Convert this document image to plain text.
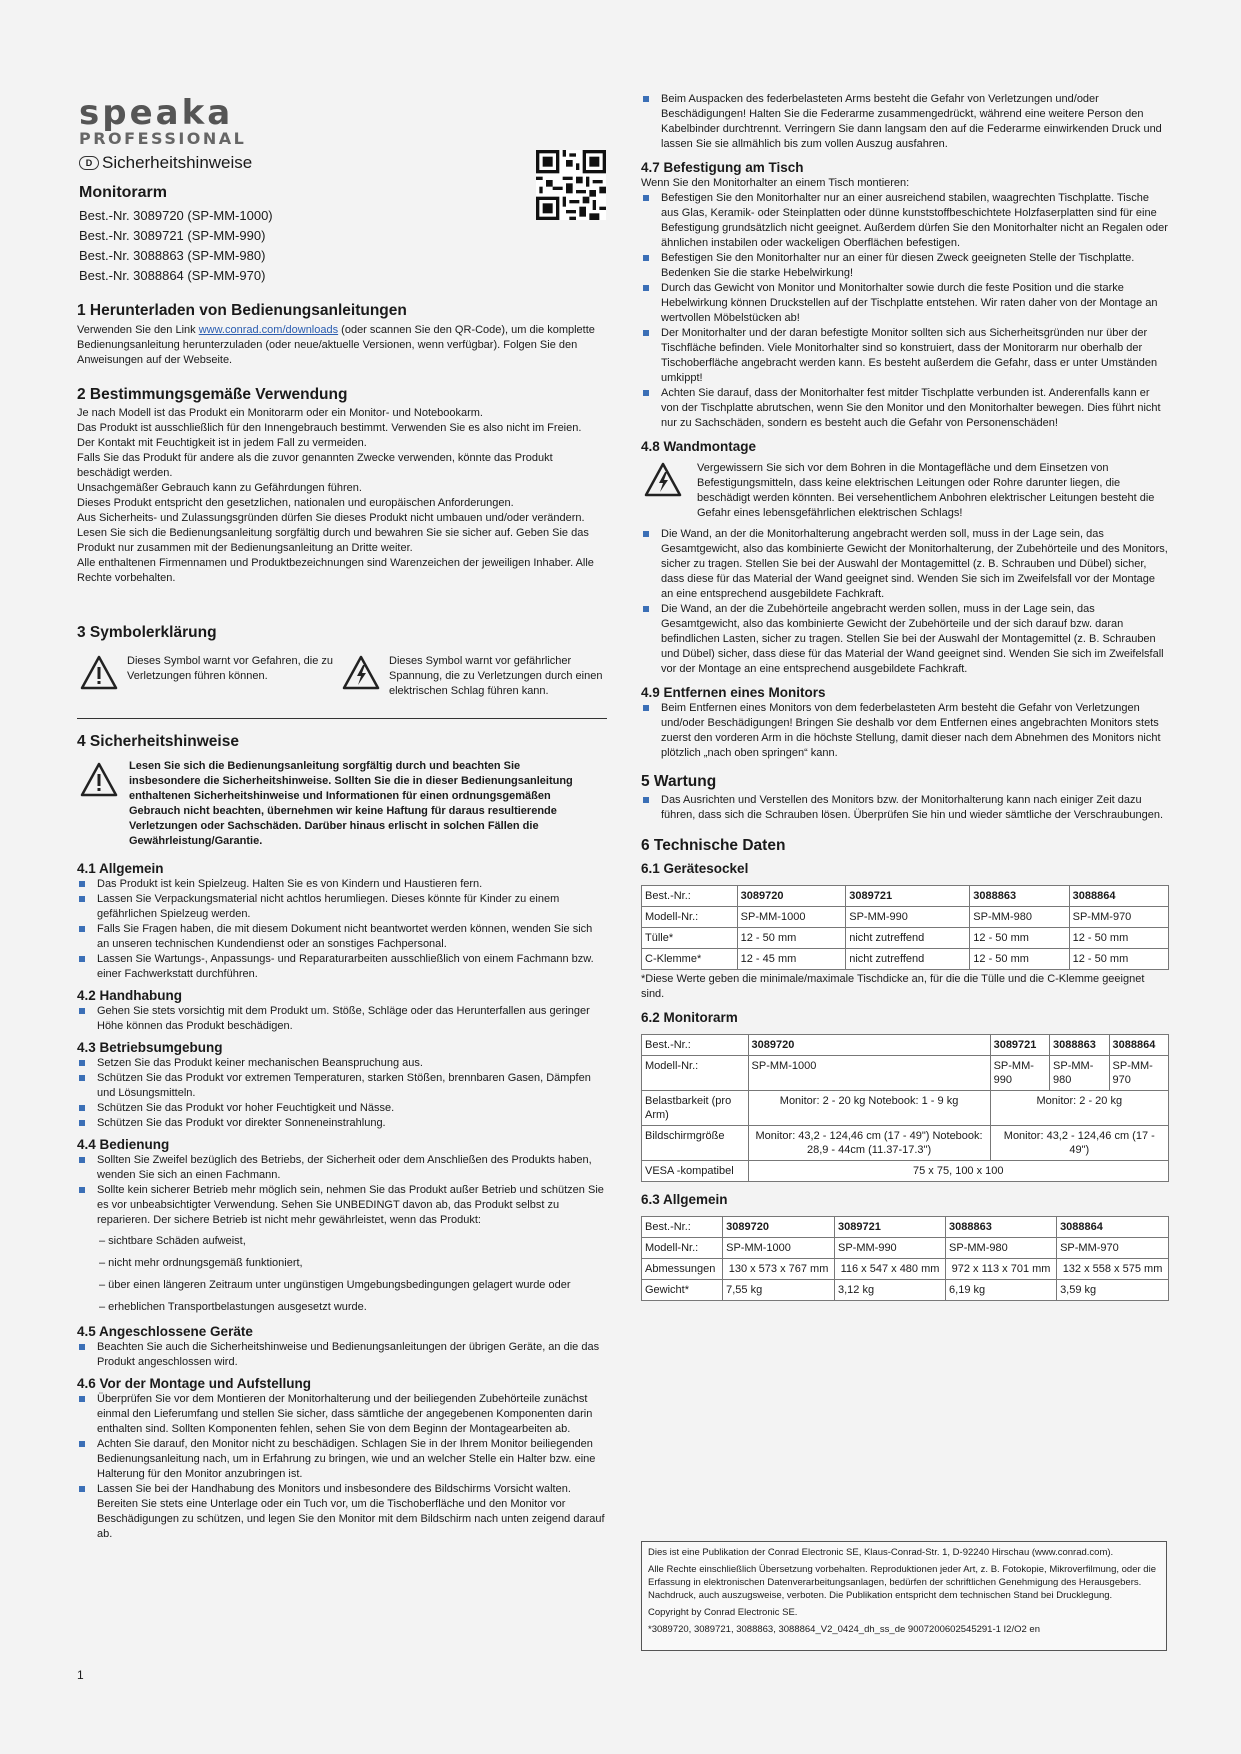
speaka
PROFESSIONAL
D Sicherheitshinweise
Monitorarm
Best.-Nr. 3089720 (SP-MM-1000)
Best.-Nr. 3089721 (SP-MM-990)
Best.-Nr. 3088863 (SP-MM-980)
Best.-Nr. 3088864 (SP-MM-970)
1 Herunterladen von Bedienungsanleitungen

Verwenden Sie den Link www.conrad.com/downloads (oder scannen Sie den QR-Code), um die komplette Bedienungsanleitung herunterzuladen (oder neue/aktuelle Versionen, wenn verfügbar). Folgen Sie den Anweisungen auf der Webseite.

2 Bestimmungsgemäße Verwendung

Je nach Modell ist das Produkt ein Monitorarm oder ein Monitor- und Notebookarm.

Das Produkt ist ausschließlich für den Innengebrauch bestimmt. Verwenden Sie es also nicht im Freien.

Der Kontakt mit Feuchtigkeit ist in jedem Fall zu vermeiden.

Falls Sie das Produkt für andere als die zuvor genannten Zwecke verwenden, könnte das Produkt beschädigt werden.

Unsachgemäßer Gebrauch kann zu Gefährdungen führen.

Dieses Produkt entspricht den gesetzlichen, nationalen und europäischen Anforderungen.

Aus Sicherheits- und Zulassungsgründen dürfen Sie dieses Produkt nicht umbauen und/oder verändern.

Lesen Sie sich die Bedienungsanleitung sorgfältig durch und bewahren Sie sie sicher auf. Geben Sie das Produkt nur zusammen mit der Bedienungsanleitung an Dritte weiter.

Alle enthaltenen Firmennamen und Produktbezeichnungen sind Warenzeichen der jeweiligen Inhaber. Alle Rechte vorbehalten.

3 Symbolerklärung
Dieses Symbol warnt vor Gefahren, die zu Verletzungen führen können.
Dieses Symbol warnt vor gefährlicher Spannung, die zu Verletzungen durch einen elektrischen Schlag führen kann.
4 Sicherheitshinweise
Lesen Sie sich die Bedienungsanleitung sorgfältig durch und beachten Sie insbesondere die Sicherheitshinweise. Sollten Sie die in dieser Bedienungsanleitung enthaltenen Sicherheitshinweise und Informationen für einen ordnungsgemäßen Gebrauch nicht beachten, übernehmen wir keine Haftung für daraus resultierende Verletzungen oder Sachschäden. Darüber hinaus erlischt in solchen Fällen die Gewährleistung/Garantie.
4.1 Allgemein
Das Produkt ist kein Spielzeug. Halten Sie es von Kindern und Haustieren fern.
Lassen Sie Verpackungsmaterial nicht achtlos herumliegen. Dieses könnte für Kinder zu einem gefährlichen Spielzeug werden.
Falls Sie Fragen haben, die mit diesem Dokument nicht beantwortet werden können, wenden Sie sich an unseren technischen Kundendienst oder an sonstiges Fachpersonal.
Lassen Sie Wartungs-, Anpassungs- und Reparaturarbeiten ausschließlich von einem Fachmann bzw. einer Fachwerkstatt durchführen.
4.2 Handhabung
Gehen Sie stets vorsichtig mit dem Produkt um. Stöße, Schläge oder das Herunterfallen aus geringer Höhe können das Produkt beschädigen.
4.3 Betriebsumgebung
Setzen Sie das Produkt keiner mechanischen Beanspruchung aus.
Schützen Sie das Produkt vor extremen Temperaturen, starken Stößen, brennbaren Gasen, Dämpfen und Lösungsmitteln.
Schützen Sie das Produkt vor hoher Feuchtigkeit und Nässe.
Schützen Sie das Produkt vor direkter Sonneneinstrahlung.
4.4 Bedienung
Sollten Sie Zweifel bezüglich des Betriebs, der Sicherheit oder dem Anschließen des Produkts haben, wenden Sie sich an einen Fachmann.
Sollte kein sicherer Betrieb mehr möglich sein, nehmen Sie das Produkt außer Betrieb und schützen Sie es vor unbeabsichtigter Verwendung. Sehen Sie UNBEDINGT davon ab, das Produkt selbst zu reparieren. Der sichere Betrieb ist nicht mehr gewährleistet, wenn das Produkt:
– sichtbare Schäden aufweist,
– nicht mehr ordnungsgemäß funktioniert,
– über einen längeren Zeitraum unter ungünstigen Umgebungsbedingungen gelagert wurde oder
– erheblichen Transportbelastungen ausgesetzt wurde.
4.5 Angeschlossene Geräte
Beachten Sie auch die Sicherheitshinweise und Bedienungsanleitungen der übrigen Geräte, an die das Produkt angeschlossen wird.
4.6 Vor der Montage und Aufstellung
Überprüfen Sie vor dem Montieren der Monitorhalterung und der beiliegenden Zubehörteile zunächst einmal den Lieferumfang und stellen Sie sicher, dass sämtliche der angegebenen Komponenten darin enthalten sind. Sollten Komponenten fehlen, sehen Sie von dem Beginn der Montagearbeiten ab.
Achten Sie darauf, den Monitor nicht zu beschädigen. Schlagen Sie in der Ihrem Monitor beiliegenden Bedienungsanleitung nach, um in Erfahrung zu bringen, wie und an welcher Stelle ein Halter bzw. eine Halterung für den Monitor anzubringen ist.
Lassen Sie bei der Handhabung des Monitors und insbesondere des Bildschirms Vorsicht walten. Bereiten Sie stets eine Unterlage oder ein Tuch vor, um die Tischoberfläche und den Monitor vor Beschädigungen zu schützen, und legen Sie den Monitor mit dem Bildschirm nach unten zeigend darauf ab.
Beim Auspacken des federbelasteten Arms besteht die Gefahr von Verletzungen und/oder Beschädigungen! Halten Sie die Federarme zusammengedrückt, während eine weitere Person den Kabelbinder durchtrennt. Verringern Sie dann langsam den auf die Federarme einwirkenden Druck und lassen Sie sie allmählich bis zum vollen Auszug ausfahren.
4.7 Befestigung am Tisch

Wenn Sie den Monitorhalter an einem Tisch montieren:

Befestigen Sie den Monitorhalter nur an einer ausreichend stabilen, waagrechten Tischplatte. Tische aus Glas, Keramik- oder Steinplatten oder dünne kunststoffbeschichtete Holzfaserplatten sind für eine Befestigung grundsätzlich nicht geeignet. Außerdem dürfen Sie den Monitorhalter nicht an Regalen oder ähnlichen instabilen oder wackeligen Oberflächen befestigen.
Befestigen Sie den Monitorhalter nur an einer für diesen Zweck geeigneten Stelle der Tischplatte. Bedenken Sie die starke Hebelwirkung!
Durch das Gewicht von Monitor und Monitorhalter sowie durch die feste Position und die starke Hebelwirkung können Druckstellen auf der Tischplatte entstehen. Wir raten daher von der Montage an wertvollen Möbelstücken ab!
Der Monitorhalter und der daran befestigte Monitor sollten sich aus Sicherheitsgründen nur über der Tischfläche befinden. Viele Monitorhalter sind so konstruiert, dass der Monitorarm nur oberhalb der Tischoberfläche angebracht werden kann. Es besteht außerdem die Gefahr, dass er unter Umständen umkippt!
Achten Sie darauf, dass der Monitorhalter fest mitder Tischplatte verbunden ist. Anderenfalls kann er von der Tischplatte abrutschen, wenn Sie den Monitor und den Monitorhalter bewegen. Dies führt nicht nur zu Sachschäden, sondern es besteht auch die Gefahr von Personenschäden!
4.8 Wandmontage
Vergewissern Sie sich vor dem Bohren in die Montagefläche und dem Einsetzen von Befestigungsmitteln, dass keine elektrischen Leitungen oder Rohre darunter liegen, die beschädigt werden könnten. Bei versehentlichem Anbohren elektrischer Leitungen besteht die Gefahr eines lebensgefährlichen elektrischen Schlags!
Die Wand, an der die Monitorhalterung angebracht werden soll, muss in der Lage sein, das Gesamtgewicht, also das kombinierte Gewicht der Monitorhalterung, der Zubehörteile und des Monitors, sicher zu tragen. Stellen Sie bei der Auswahl der Montagemittel (z. B. Schrauben und Dübel) sicher, dass diese für das Material der Wand geeignet sind. Wenden Sie sich im Zweifelsfall vor der Montage an eine entsprechend ausgebildete Fachkraft.
Die Wand, an der die Zubehörteile angebracht werden sollen, muss in der Lage sein, das Gesamtgewicht, also das kombinierte Gewicht der Zubehörteile und der sich darauf bzw. daran befindlichen Lasten, sicher zu tragen. Stellen Sie bei der Auswahl der Montagemittel (z. B. Schrauben und Dübel) sicher, dass diese für das Material der Wand geeignet sind. Wenden Sie sich im Zweifelsfall vor der Montage an eine entsprechend ausgebildete Fachkraft.
4.9 Entfernen eines Monitors
Beim Entfernen eines Monitors von dem federbelasteten Arm besteht die Gefahr von Verletzungen und/oder Beschädigungen! Bringen Sie deshalb vor dem Entfernen eines angebrachten Monitors stets zuerst den vorderen Arm in die höchste Stellung, damit dieser nach dem Abnehmen des Monitors nicht plötzlich „nach oben springen“ kann.
5 Wartung
Das Ausrichten und Verstellen des Monitors bzw. der Monitorhalterung kann nach einiger Zeit dazu führen, dass sich die Schrauben lösen. Überprüfen Sie hin und wieder sämtliche der Verschraubungen.
6 Technische Daten
6.1 Gerätesockel
Best.-Nr.:	3089720	3089721	3088863	3088864
Modell-Nr.:	SP-MM-1000	SP-MM-990	SP-MM-980	SP-MM-970
Tülle*	12 - 50 mm	nicht zutreffend	12 - 50 mm	12 - 50 mm
C-Klemme*	12 - 45 mm	nicht zutreffend	12 - 50 mm	12 - 50 mm

*Diese Werte geben die minimale/maximale Tischdicke an, für die die Tülle und die C-Klemme geeignet sind.

6.2 Monitorarm
Best.-Nr.:	3089720	3089721	3088863	3088864
Modell-Nr.:	SP-MM-1000	SP-MM-990	SP-MM-980	SP-MM-970
Belastbarkeit (pro Arm)	Monitor: 2 - 20 kg Notebook: 1 - 9 kg	Monitor: 2 - 20 kg		
Bildschirmgröße	Monitor: 43,2 - 124,46 cm (17 - 49") Notebook: 28,9 - 44cm (11.37-17.3")	Monitor: 43,2 - 124,46 cm (17 - 49")		
VESA -kompatibel	75 x 75, 100 x 100			
6.3 Allgemein
Best.-Nr.:	3089720	3089721	3088863	3088864
Modell-Nr.:	SP-MM-1000	SP-MM-990	SP-MM-980	SP-MM-970
Abmessungen	130 x 573 x 767 mm	116 x 547 x 480 mm	972 x 113 x 701 mm	132 x 558 x 575 mm
Gewicht*	7,55 kg	3,12 kg	6,19 kg	3,59 kg

Dies ist eine Publikation der Conrad Electronic SE, Klaus-Conrad-Str. 1, D-92240 Hirschau (www.conrad.com).

Alle Rechte einschließlich Übersetzung vorbehalten. Reproduktionen jeder Art, z. B. Fotokopie, Mikroverfilmung, oder die Erfassung in elektronischen Datenverarbeitungsanlagen, bedürfen der schriftlichen Genehmigung des Herausgebers. Nachdruck, auch auszugsweise, verboten. Die Publikation entspricht dem technischen Stand bei Drucklegung.

Copyright by Conrad Electronic SE.

*3089720, 3089721, 3088863, 3088864_V2_0424_dh_ss_de 9007200602545291-1 I2/O2 en

1
